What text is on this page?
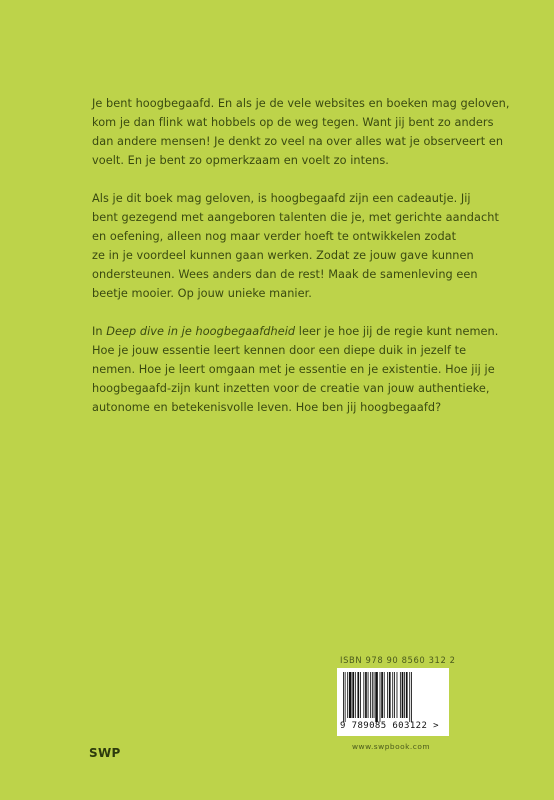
Je bent hoogbegaafd. En als je de vele websites en boeken mag geloven,
kom je dan flink wat hobbels op de weg tegen. Want jij bent zo anders
dan andere mensen! Je denkt zo veel na over alles wat je observeert en
voelt. En je bent zo opmerkzaam en voelt zo intens.

Als je dit boek mag geloven, is hoogbegaafd zijn een cadeautje. Jij
bent gezegend met aangeboren talenten die je, met gerichte aandacht
en oefening, alleen nog maar verder hoeft te ontwikkelen zodat
ze in je voordeel kunnen gaan werken. Zodat ze jouw gave kunnen
ondersteunen. Wees anders dan de rest! Maak de samenleving een
beetje mooier. Op jouw unieke manier.

In Deep dive in je hoogbegaafdheid leer je hoe jij de regie kunt nemen.
Hoe je jouw essentie leert kennen door een diepe duik in jezelf te
nemen. Hoe je leert omgaan met je essentie en je existentie. Hoe jij je
hoogbegaafd-zijn kunt inzetten voor de creatie van jouw authentieke,
autonome en betekenisvolle leven. Hoe ben jij hoogbegaafd?

ISBN 978 90 8560 312 2
9 789085 603122 >
www.swpbook.com
SWP
